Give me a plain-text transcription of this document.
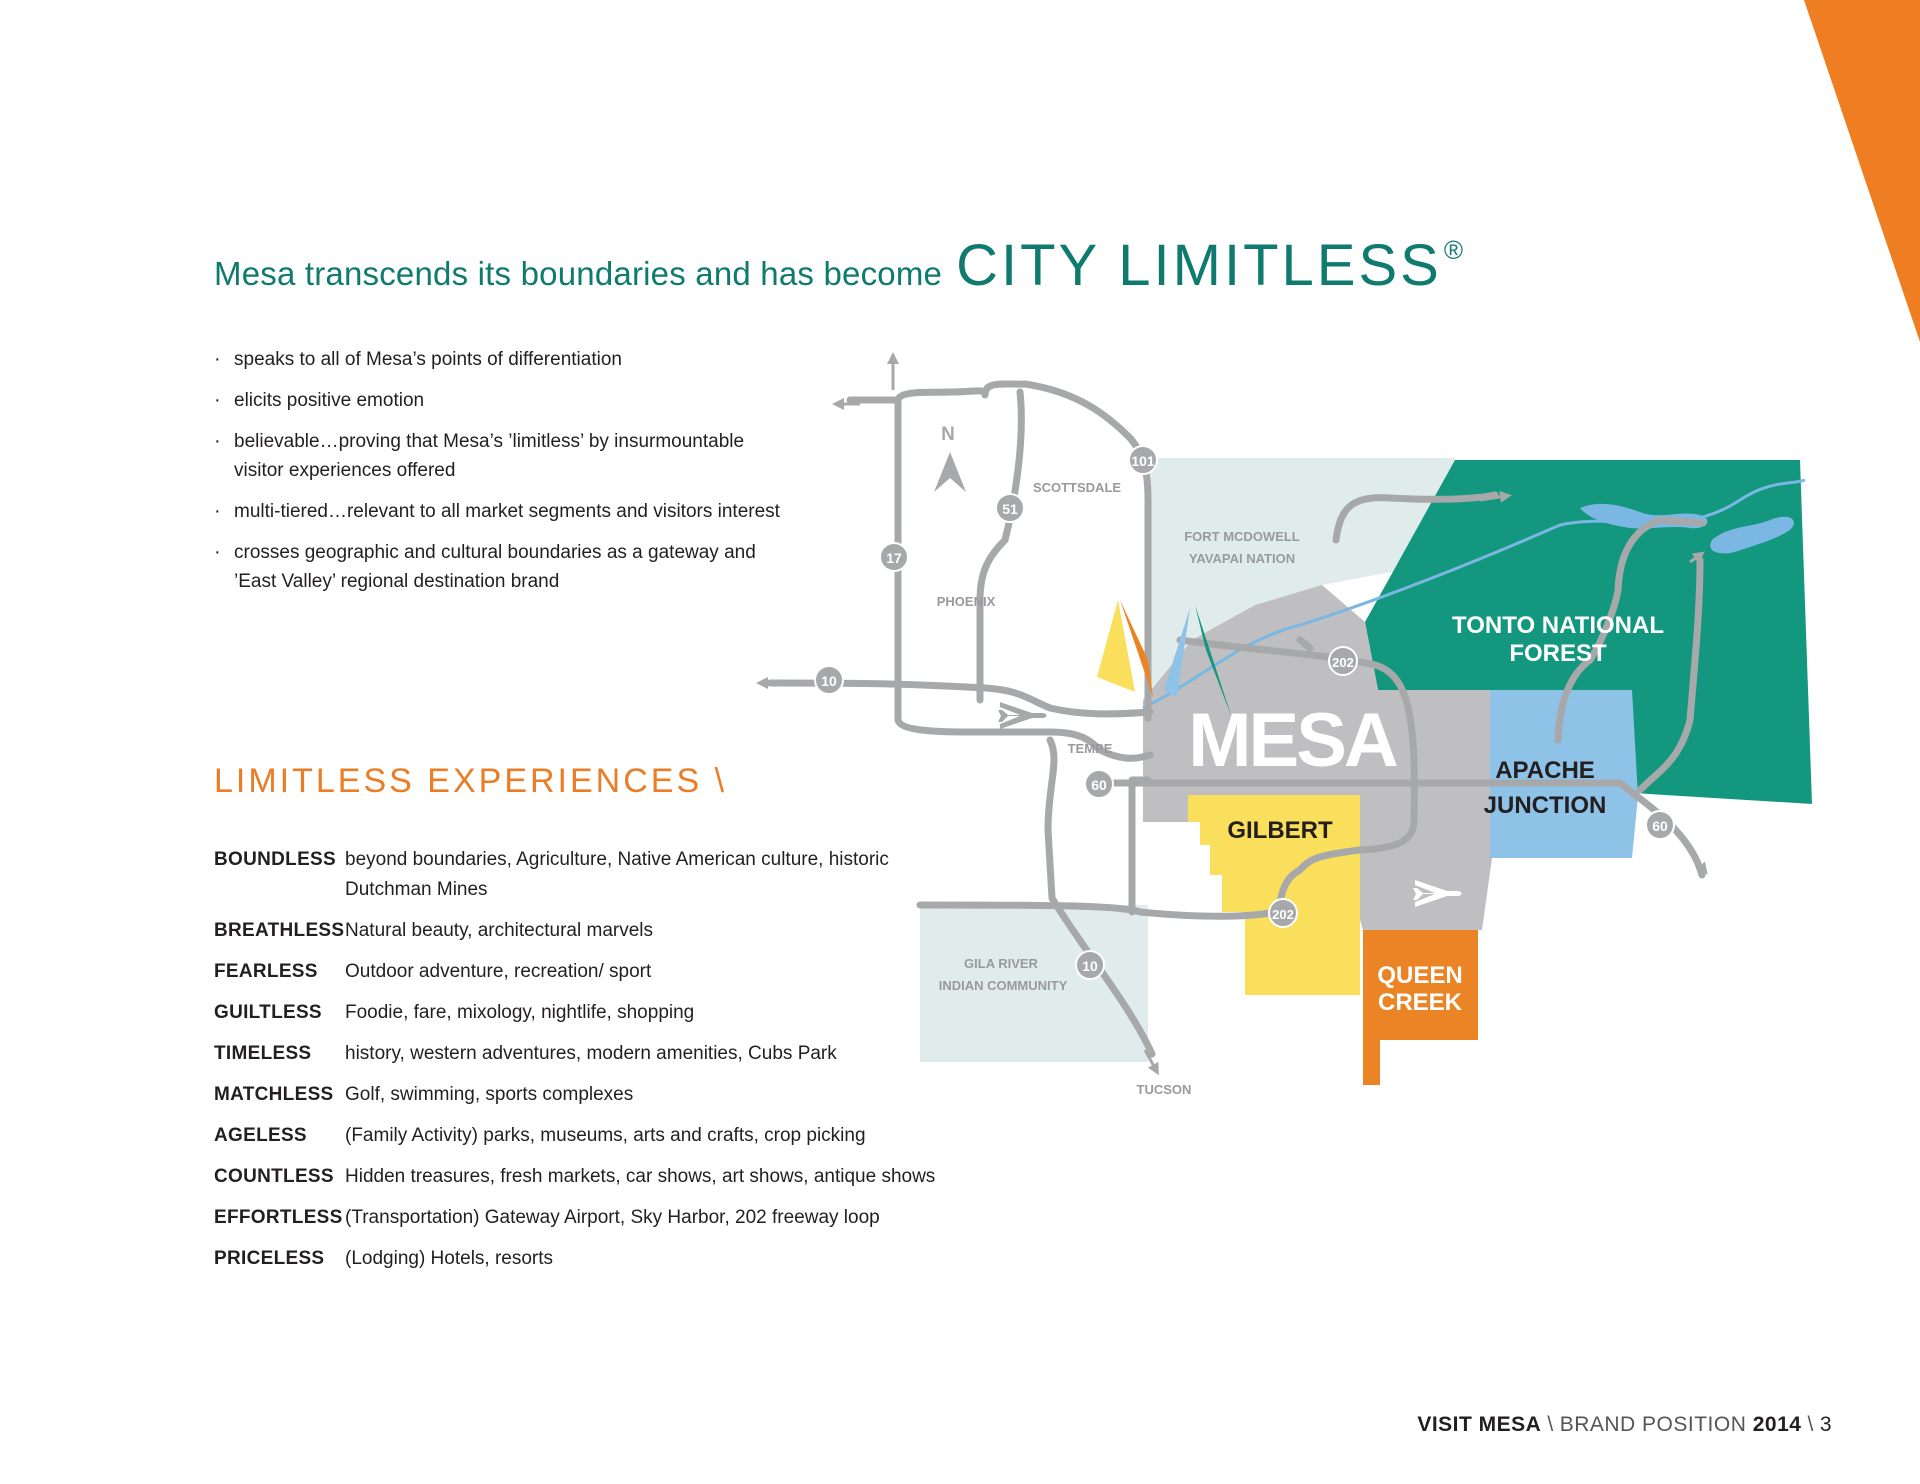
Mesa transcends its boundaries and has become CITY LIMITLESS®
· speaks to all of Mesa’s points of differentiation
· elicits positive emotion
· believable…proving that Mesa’s ’limitless’ by insurmountable visitor experiences offered
· multi-tiered…relevant to all market segments and visitors interest
· crosses geographic and cultural boundaries as a gateway and ’East Valley’ regional destination brand
LIMITLESS EXPERIENCES \
BOUNDLESS beyond boundaries, Agriculture, Native American culture, historic Dutchman Mines
BREATHLESS Natural beauty, architectural marvels
FEARLESS	Outdoor adventure, recreation/ sport
GUILTLESS	Foodie, fare, mixology, nightlife, shopping
TIMELESS	history, western adventures, modern amenities, Cubs Park
MATCHLESS Golf, swimming, sports complexes
AGELESS	(Family Activity) parks, museums, arts and crafts, crop picking
COUNTLESS Hidden treasures, fresh markets, car shows, art shows, antique shows
EFFORTLESS (Transportation) Gateway Airport, Sky Harbor, 202 freeway loop
PRICELESS	(Lodging) Hotels, resorts
N
SCOTTSDALE
PHOENIX
TEMPE
TUCSON
FORT MCDOWELL
YAVAPAI NATION
GILA RIVER
INDIAN COMMUNITY
MESA
GILBERT
QUEEN
CREEK
TONTO NATIONAL
FOREST
APACHE
JUNCTION
101
51
17
10
202
60
202
10
60
VISIT MESA \ BRAND POSITION 2014 \ 3
